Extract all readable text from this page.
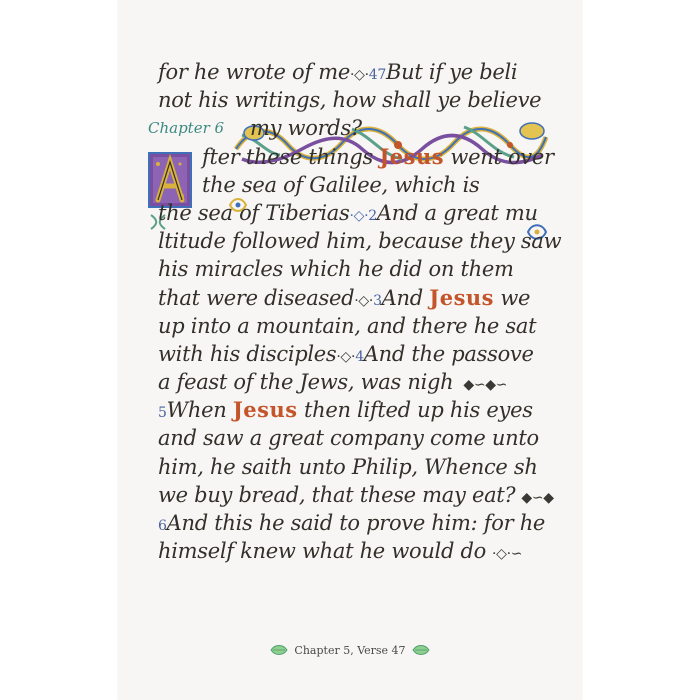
Chapter 6
for he wrote of me·◇·47But if ye beli
not his writings, how shall ye believe
my words?
fter these things Jesus went over
the sea of Galilee, which is
the sea of Tiberias·◇·2And a great mu
ltitude followed him, because they saw
his miracles which he did on them
that were diseased·◇·3And Jesus we
up into a mountain, and there he sat
with his disciples·◇·4And the passove
a feast of the Jews, was nigh ◆∽◆∽
5When Jesus then lifted up his eyes
and saw a great company come unto
him, he saith unto Philip, Whence sh
we buy bread, that these may eat? ◆∽◆
6And this he said to prove him: for he
himself knew what he would do ·◇·∽
Chapter 5, Verse 47
